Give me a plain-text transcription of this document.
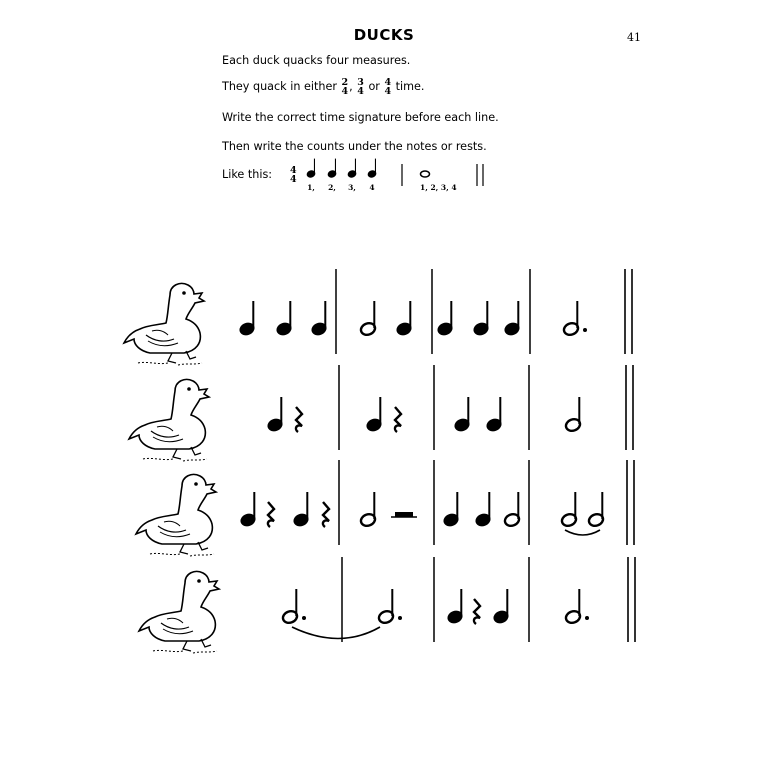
DUCKS	41
Each duck quacks four measures.
They quack in either 2
4 , 3
4 or 4
4 time.
Write the correct time signature before each line.
Then write the counts under the notes or rests.
Like this: 4
4
1, 2, 3, 4	1, 2, 3, 4
